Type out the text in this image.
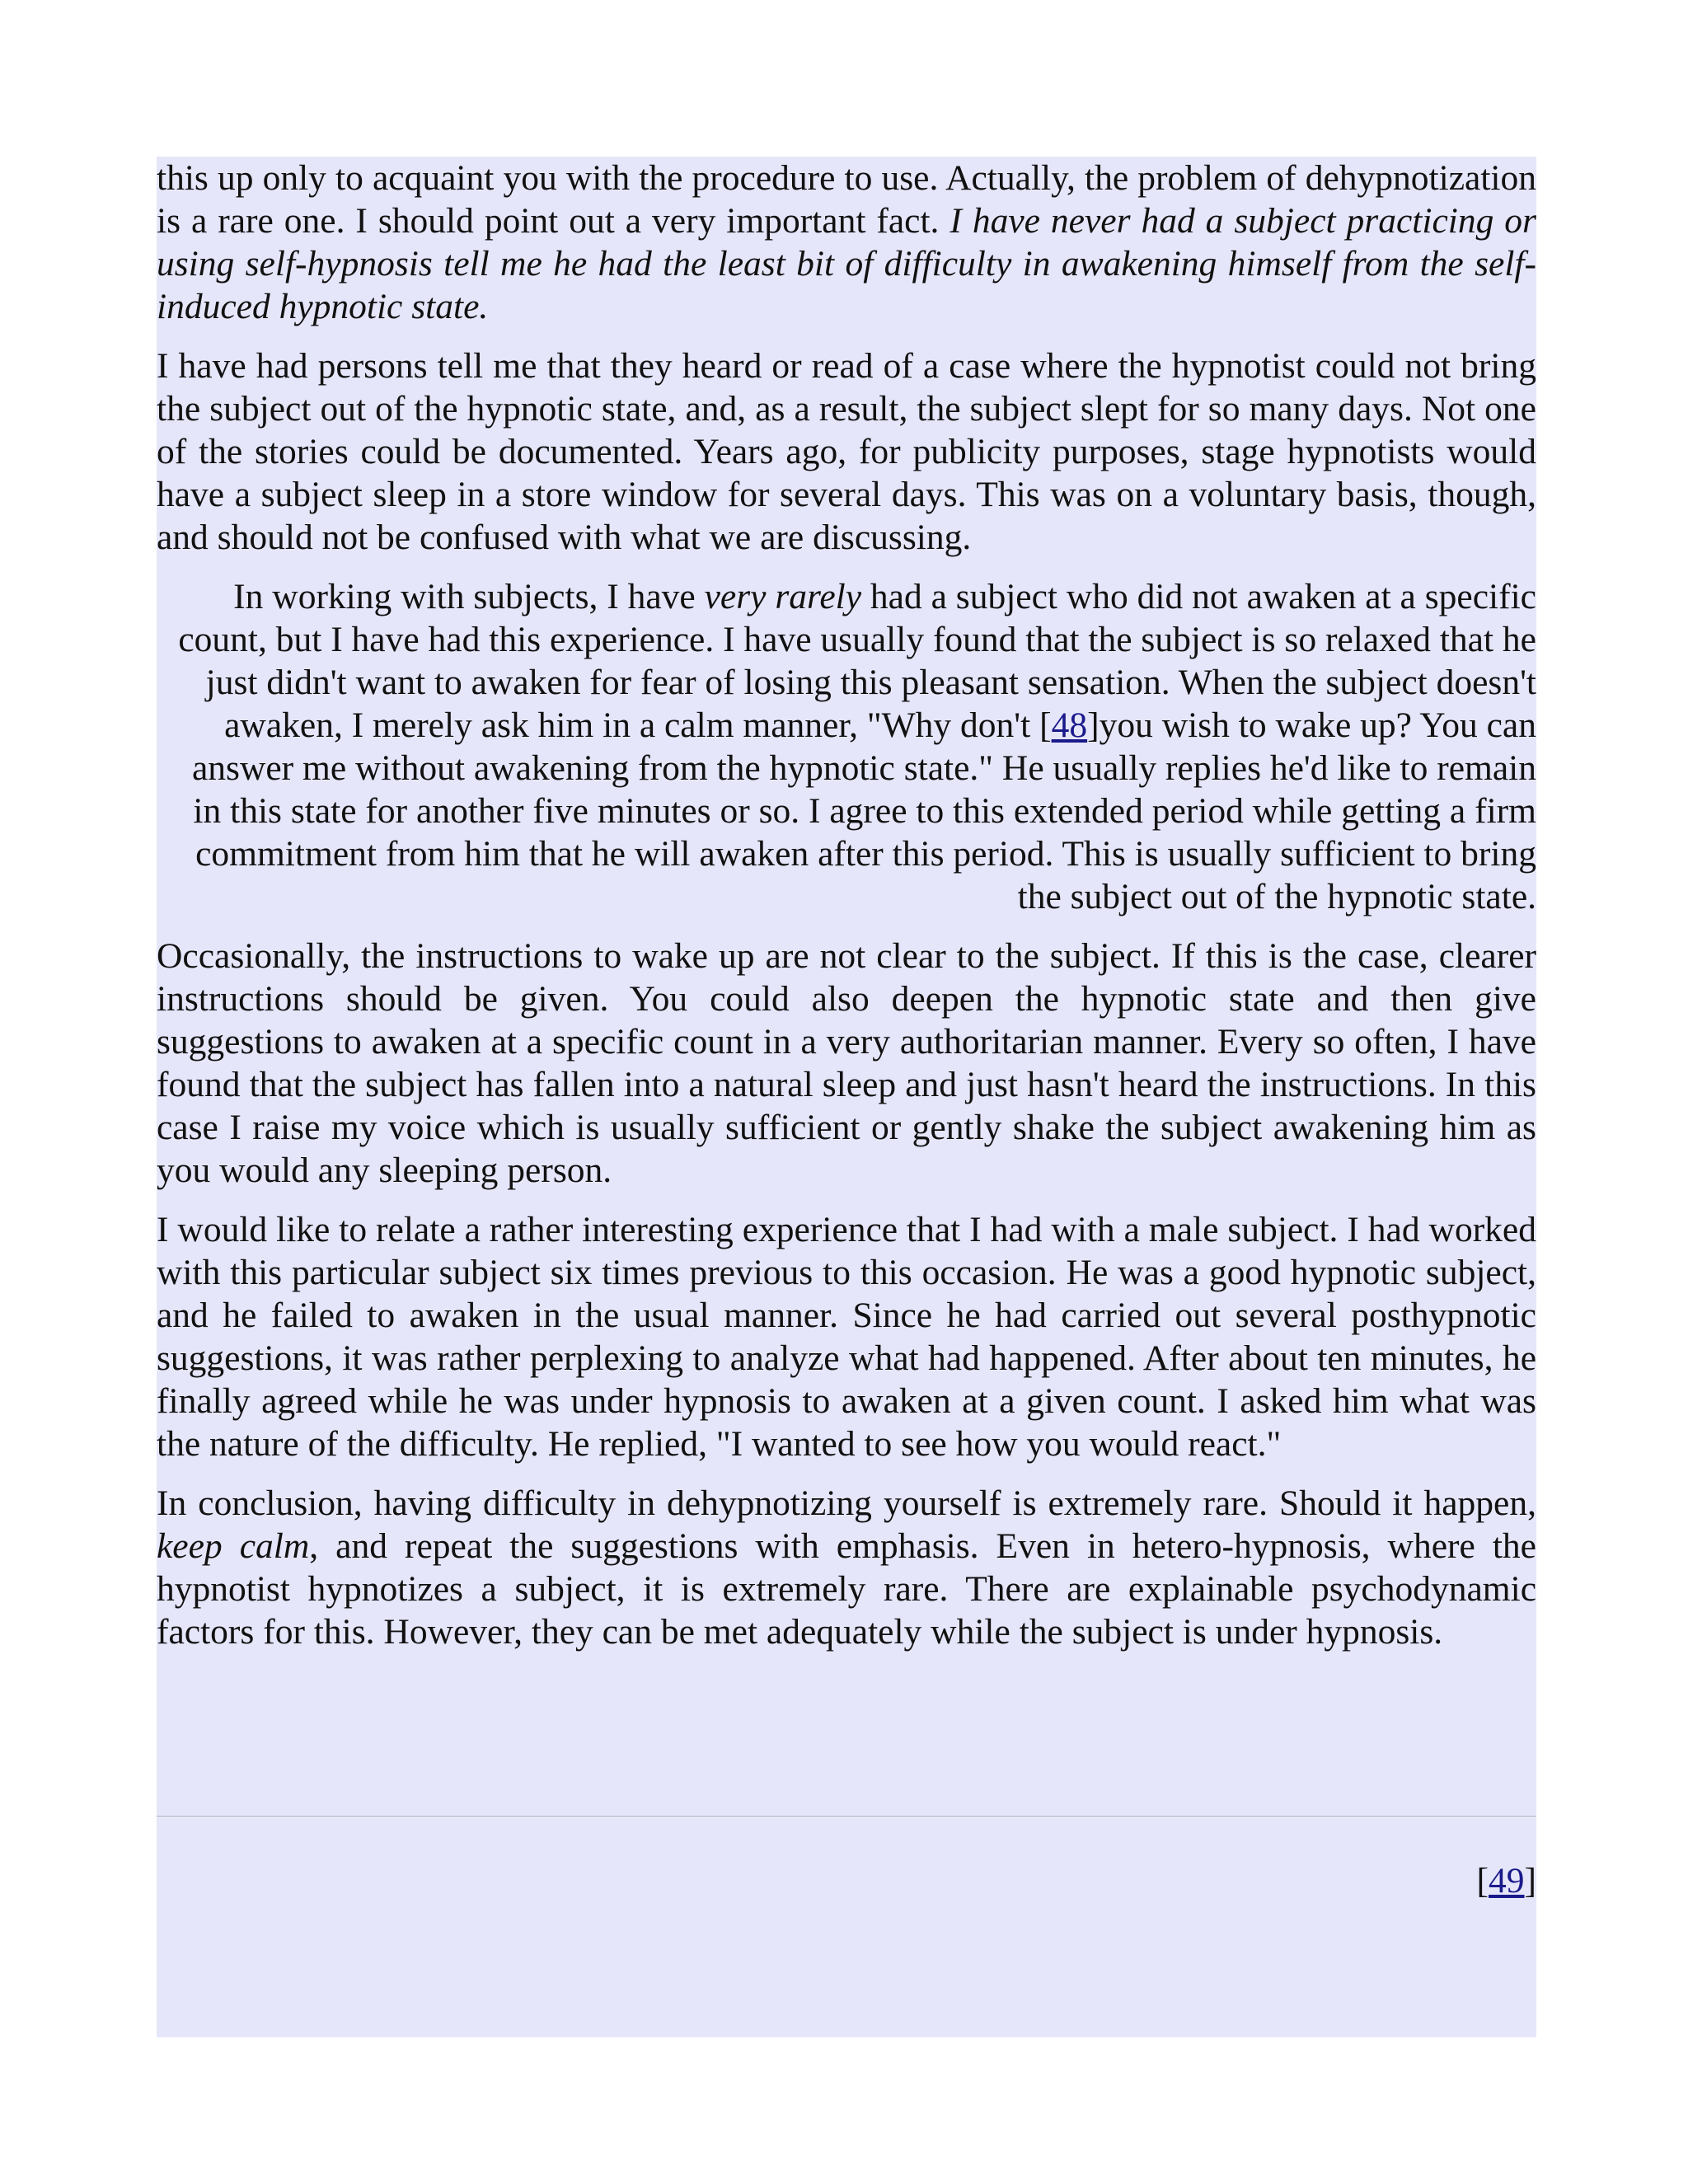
this up only to acquaint you with the procedure to use. Actually, the problem of dehypnotization is a rare one. I should point out a very important fact. I have never had a subject practicing or using self-hypnosis tell me he had the least bit of difficulty in awakening himself from the self-induced hypnotic state.

I have had persons tell me that they heard or read of a case where the hypnotist could not bring the subject out of the hypnotic state, and, as a result, the subject slept for so many days. Not one of the stories could be documented. Years ago, for publicity purposes, stage hypnotists would have a subject sleep in a store window for several days. This was on a voluntary basis, though, and should not be confused with what we are discussing.

In working with subjects, I have very rarely had a subject who did not awaken at a specific count, but I have had this experience. I have usually found that the subject is so relaxed that he just didn't want to awaken for fear of losing this pleasant sensation. When the subject doesn't awaken, I merely ask him in a calm manner, "Why don't [48]you wish to wake up? You can answer me without awakening from the hypnotic state." He usually replies he'd like to remain in this state for another five minutes or so. I agree to this extended period while getting a firm commitment from him that he will awaken after this period. This is usually sufficient to bring the subject out of the hypnotic state.

Occasionally, the instructions to wake up are not clear to the subject. If this is the case, clearer instructions should be given. You could also deepen the hypnotic state and then give suggestions to awaken at a specific count in a very authoritarian manner. Every so often, I have found that the subject has fallen into a natural sleep and just hasn't heard the instructions. In this case I raise my voice which is usually sufficient or gently shake the subject awakening him as you would any sleeping person.

I would like to relate a rather interesting experience that I had with a male subject. I had worked with this particular subject six times previous to this occasion. He was a good hypnotic subject, and he failed to awaken in the usual manner. Since he had carried out several posthypnotic suggestions, it was rather perplexing to analyze what had happened. After about ten minutes, he finally agreed while he was under hypnosis to awaken at a given count. I asked him what was the nature of the difficulty. He replied, "I wanted to see how you would react."

In conclusion, having difficulty in dehypnotizing yourself is extremely rare. Should it happen, keep calm, and repeat the suggestions with emphasis. Even in hetero-hypnosis, where the hypnotist hypnotizes a subject, it is extremely rare. There are explainable psychodynamic factors for this. However, they can be met adequately while the subject is under hypnosis.

[49]
